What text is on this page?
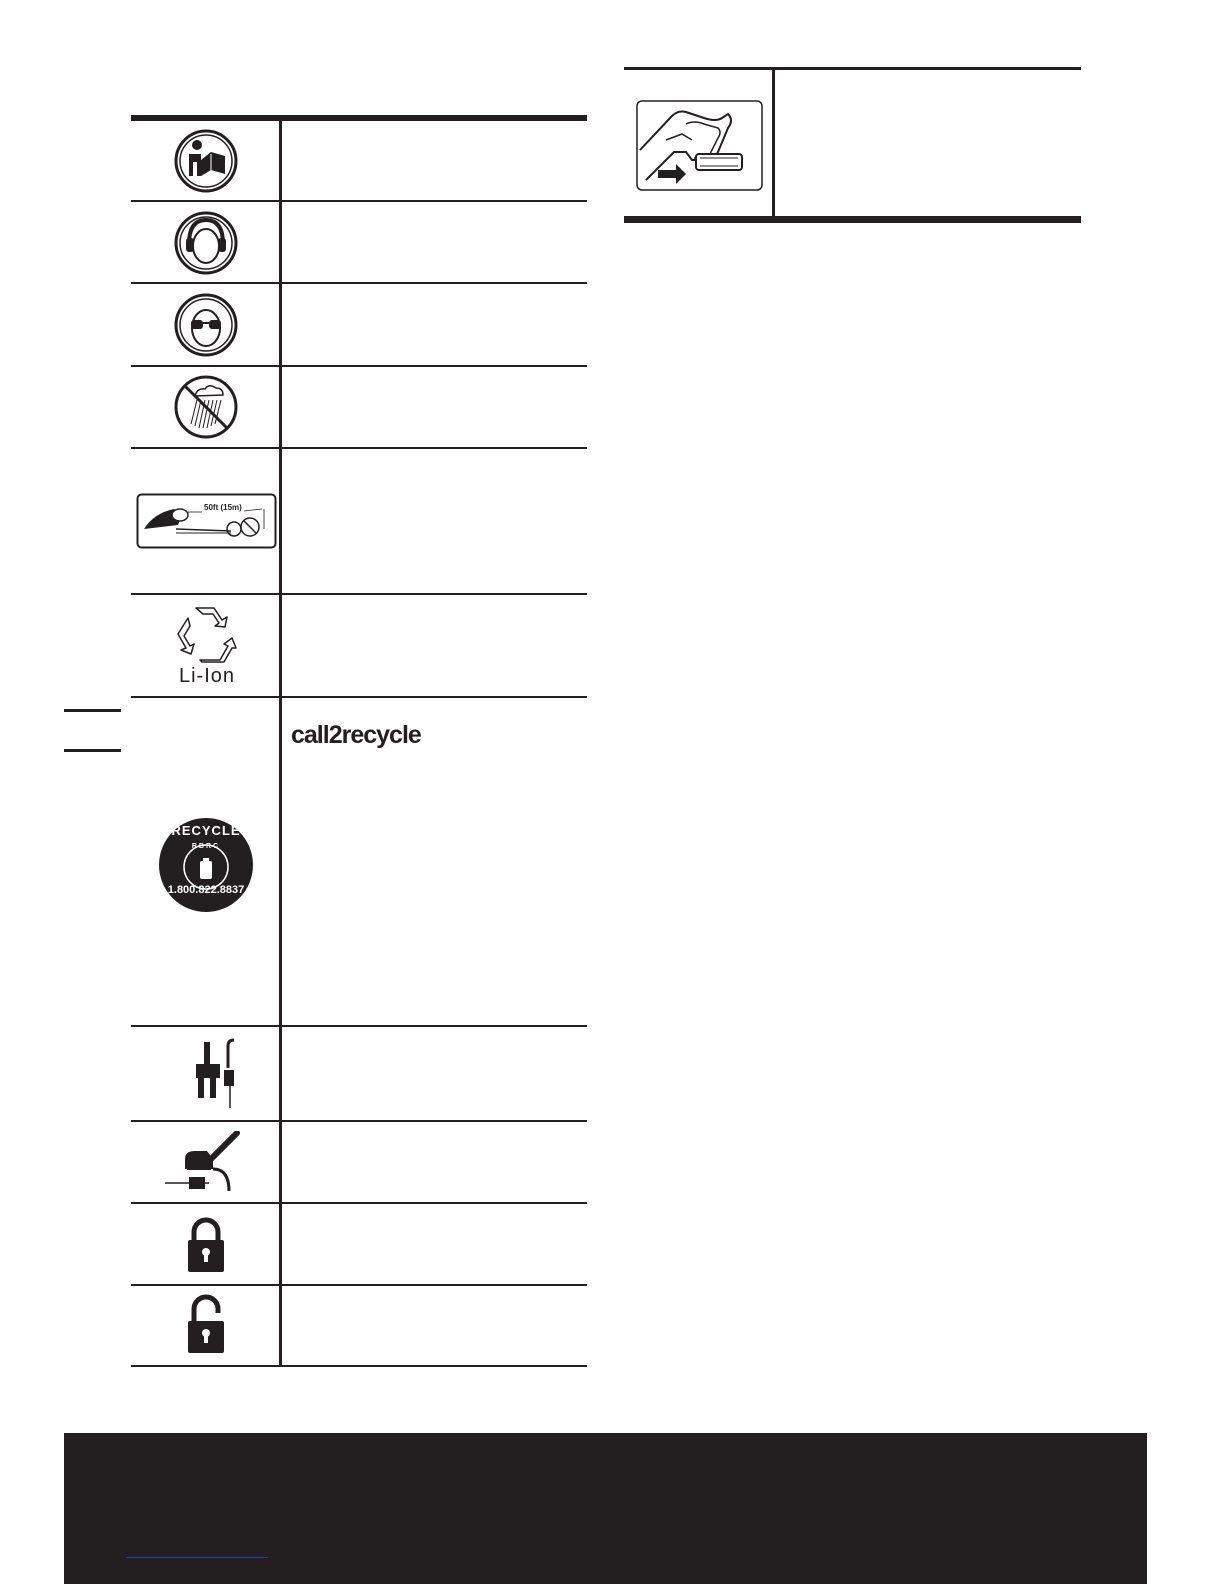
50ft (15m)
Li-Ion
call2recycle
RECYCLE
RBRC
1.800.822.8837
